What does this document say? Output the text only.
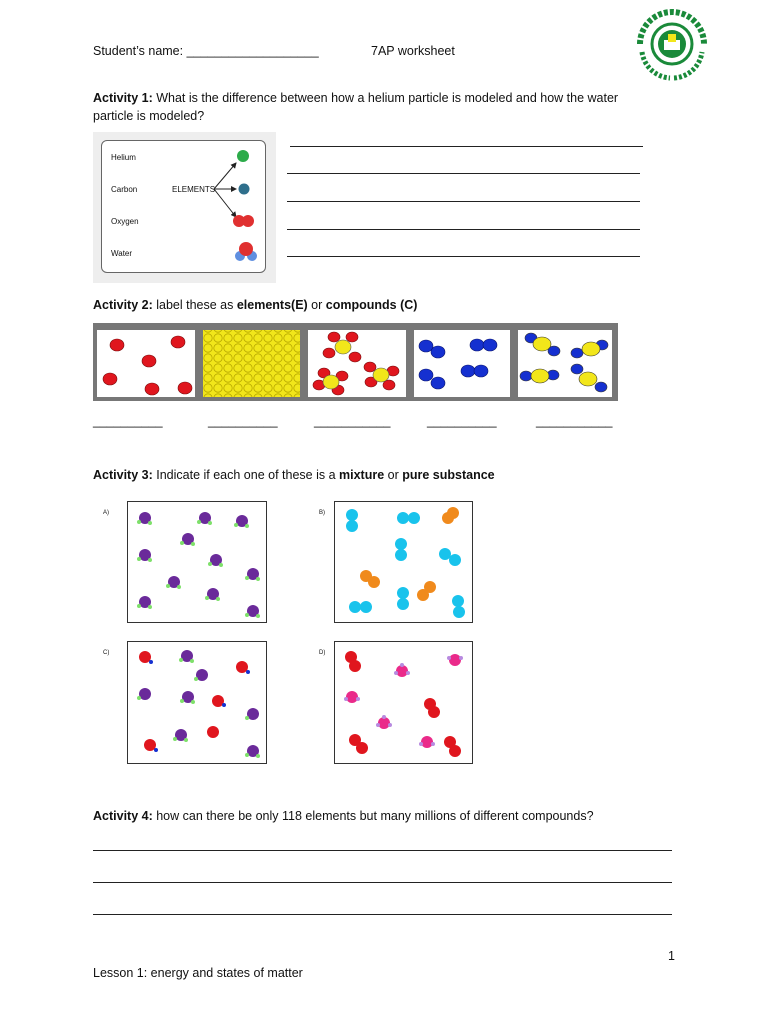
Student’s name: ___________________	7AP worksheet
Activity 1: What is the difference between how a helium particle is modeled and how the water
particle is modeled?
Helium
Carbon
Oxygen
Water
ELEMENTS
Activity 2: label these as elements(E) or compounds (C)
__________	__________	___________	__________	___________
Activity 3: Indicate if each one of these is a mixture or pure substance
A)	B)
C)	D)
Activity 4: how can there be only 118 elements but many millions of different compounds?
1
Lesson 1: energy and states of matter
